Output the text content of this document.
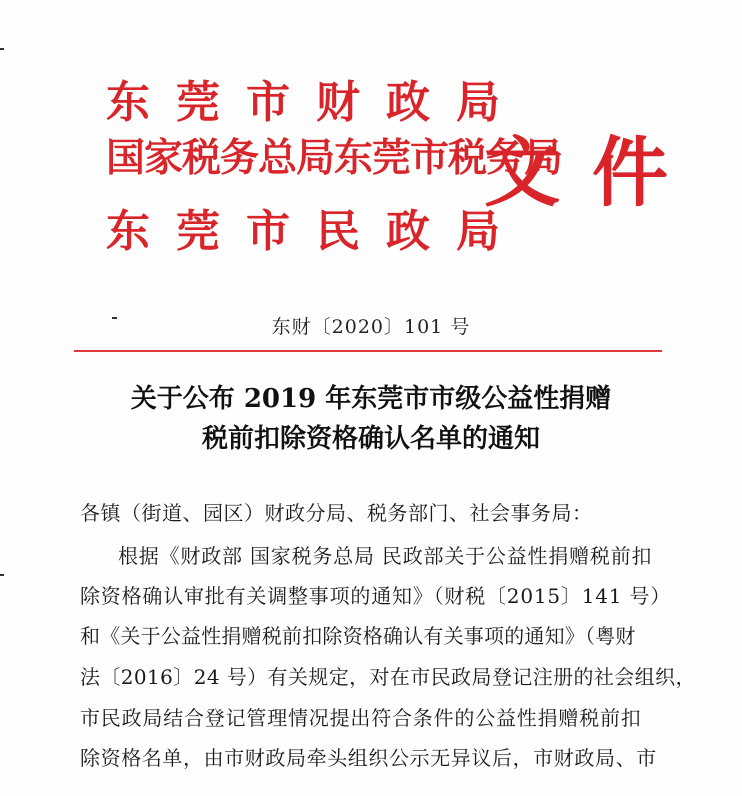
东莞市财政局
国家税务总局东莞市税务局
东莞市民政局
文件
东财〔2020〕101 号
关于公布 2019 年东莞市市级公益性捐赠
税前扣除资格确认名单的通知
各镇（街道、园区）财政分局、税务部门、社会事务局：
根据《财政部 国家税务总局 民政部关于公益性捐赠税前扣
除资格确认审批有关调整事项的通知》（财税〔2015〕141 号）
和《关于公益性捐赠税前扣除资格确认有关事项的通知》（粤财
法〔2016〕24 号）有关规定，对在市民政局登记注册的社会组织，
市民政局结合登记管理情况提出符合条件的公益性捐赠税前扣
除资格名单，由市财政局牵头组织公示无异议后，市财政局、市
